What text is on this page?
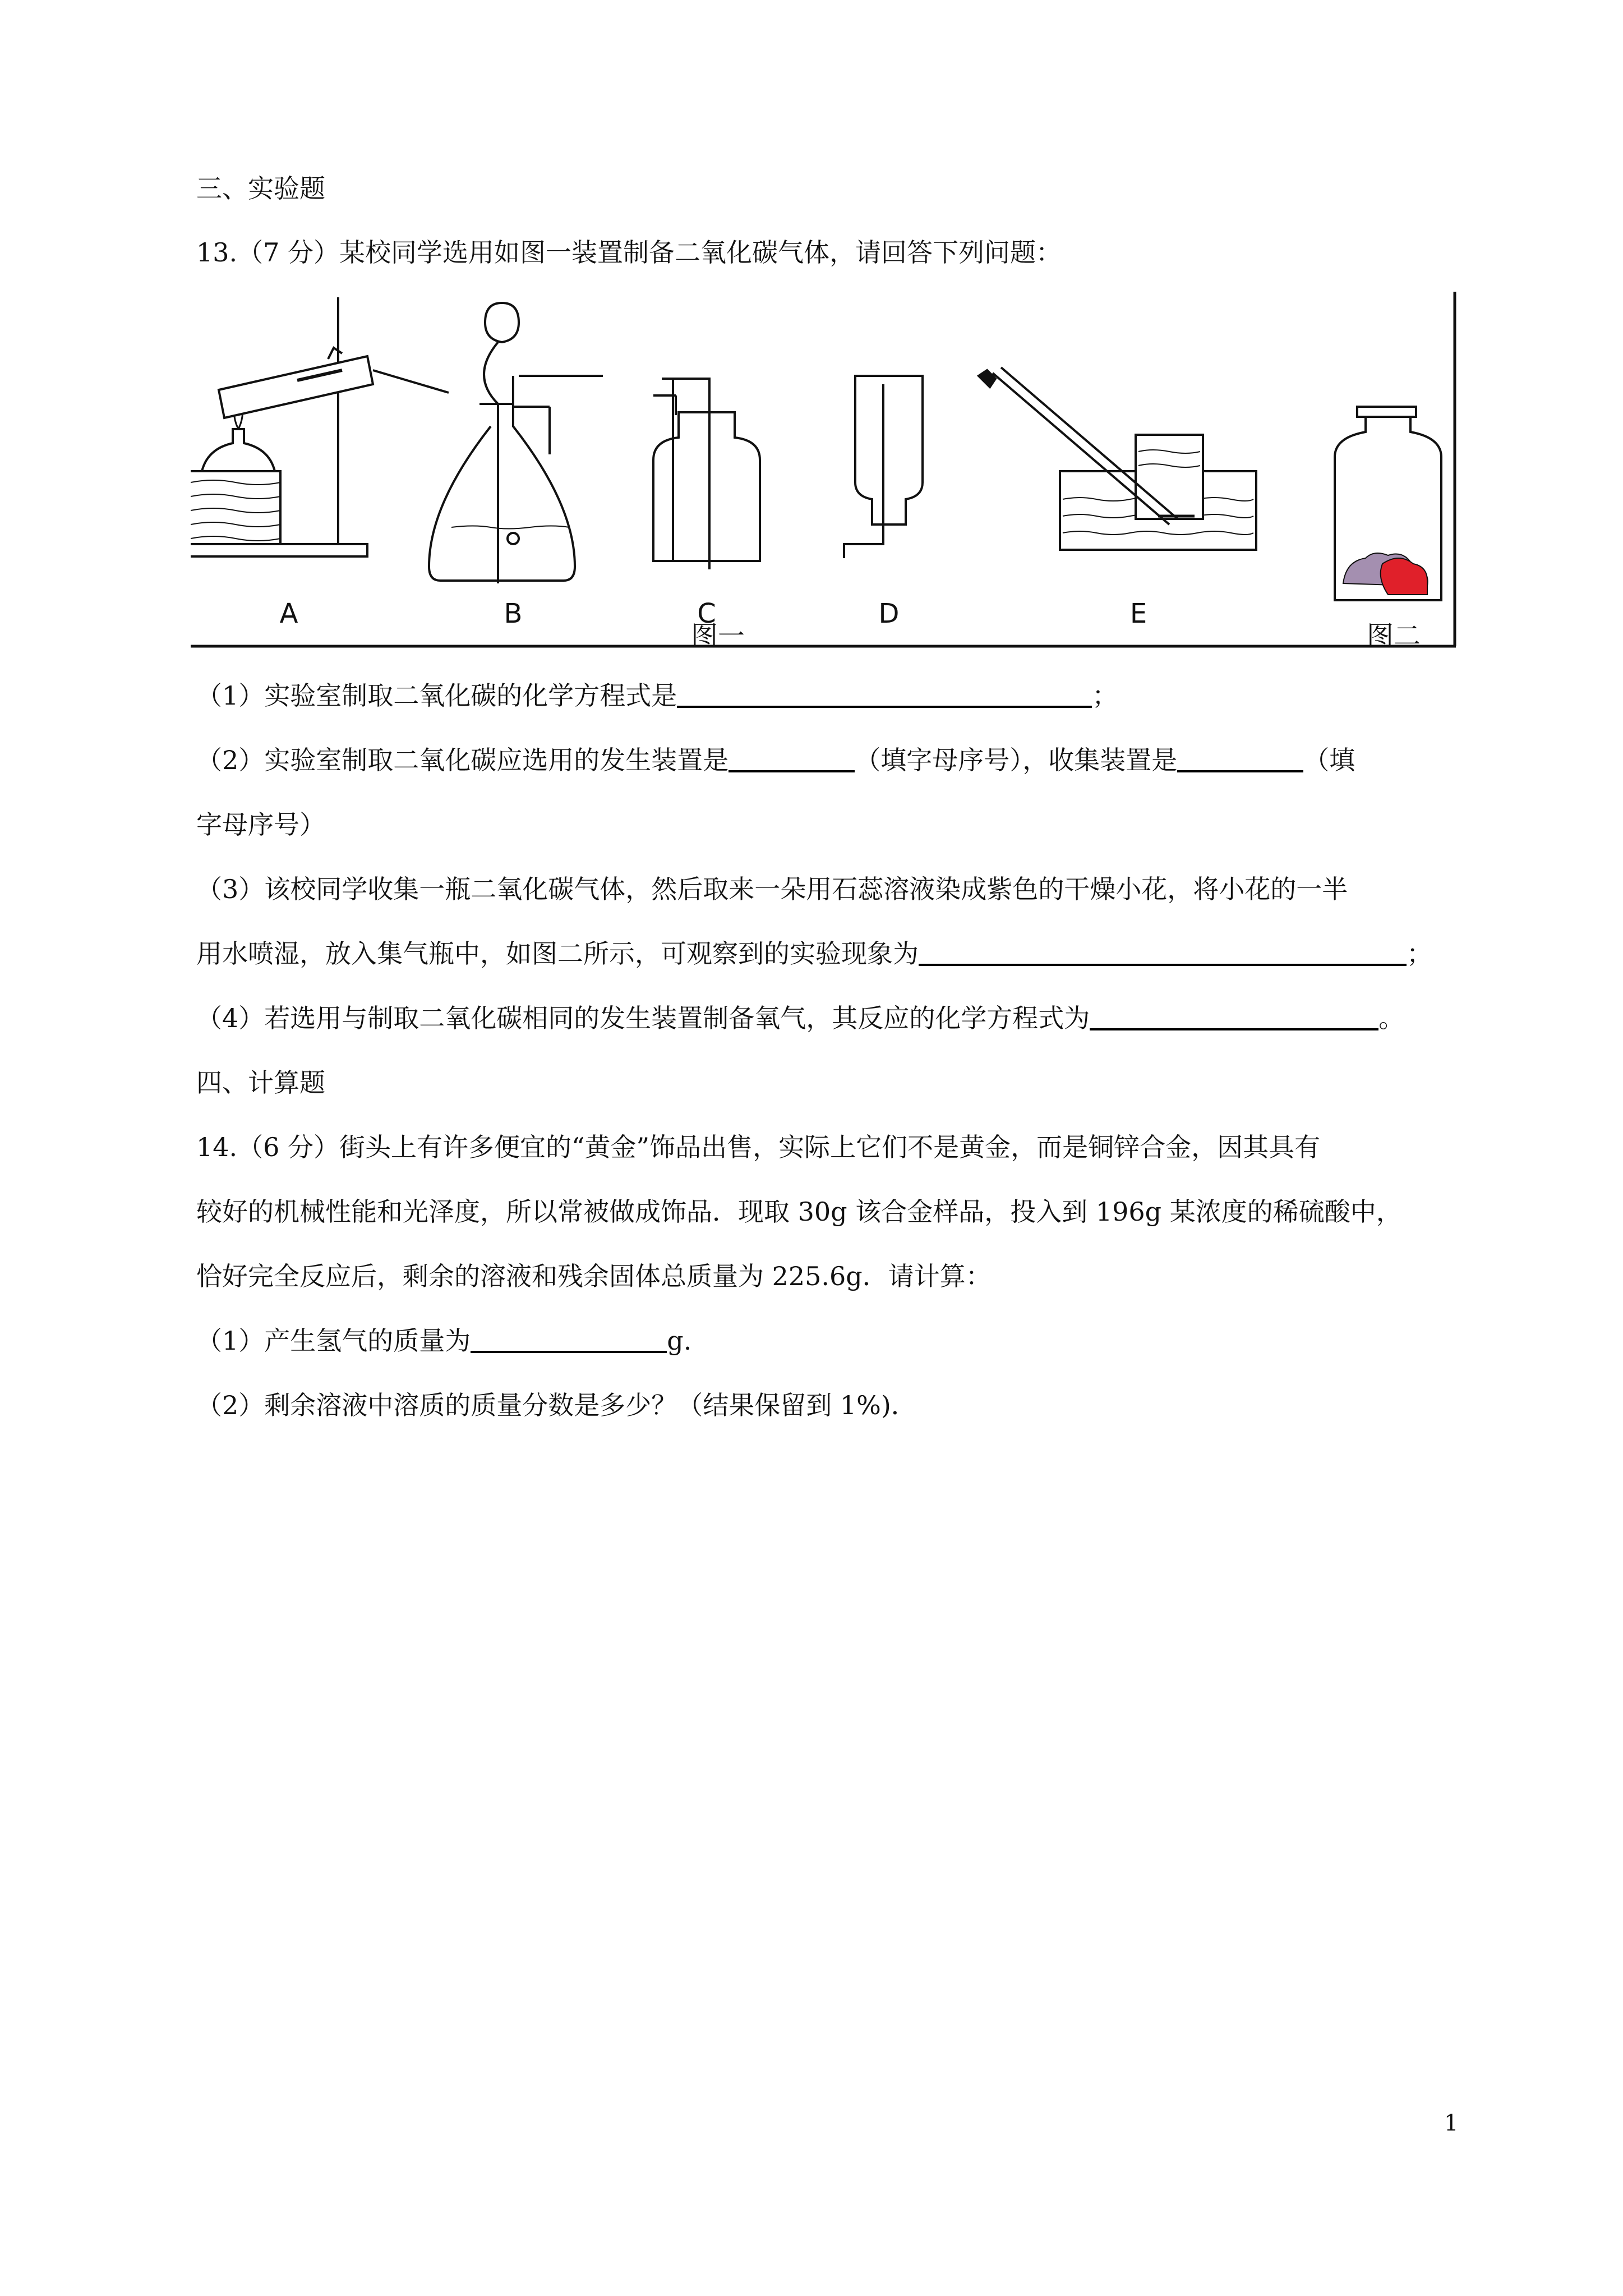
三、实验题
13.（7 分）某校同学选用如图一装置制备二氧化碳气体，请回答下列问题：
A	B	C	D	E
图一	图二
（1）实验室制取二氧化碳的化学方程式是	；
（2）实验室制取二氧化碳应选用的发生装置是	（填字母序号），收集装置是	（填
字母序号）
（3）该校同学收集一瓶二氧化碳气体，然后取来一朵用石蕊溶液染成紫色的干燥小花，将小花的一半
用水喷湿，放入集气瓶中，如图二所示，可观察到的实验现象为	；
（4）若选用与制取二氧化碳相同的发生装置制备氧气，其反应的化学方程式为	。
四、计算题
14.（6 分）街头上有许多便宜的“黄金”饰品出售，实际上它们不是黄金，而是铜锌合金，因其具有
较好的机械性能和光泽度，所以常被做成饰品．现取 30g 该合金样品，投入到 196g 某浓度的稀硫酸中，
恰好完全反应后，剩余的溶液和残余固体总质量为 225.6g．请计算：
（1）产生氢气的质量为	g.
（2）剩余溶液中溶质的质量分数是多少？（结果保留到 1%)．
1
